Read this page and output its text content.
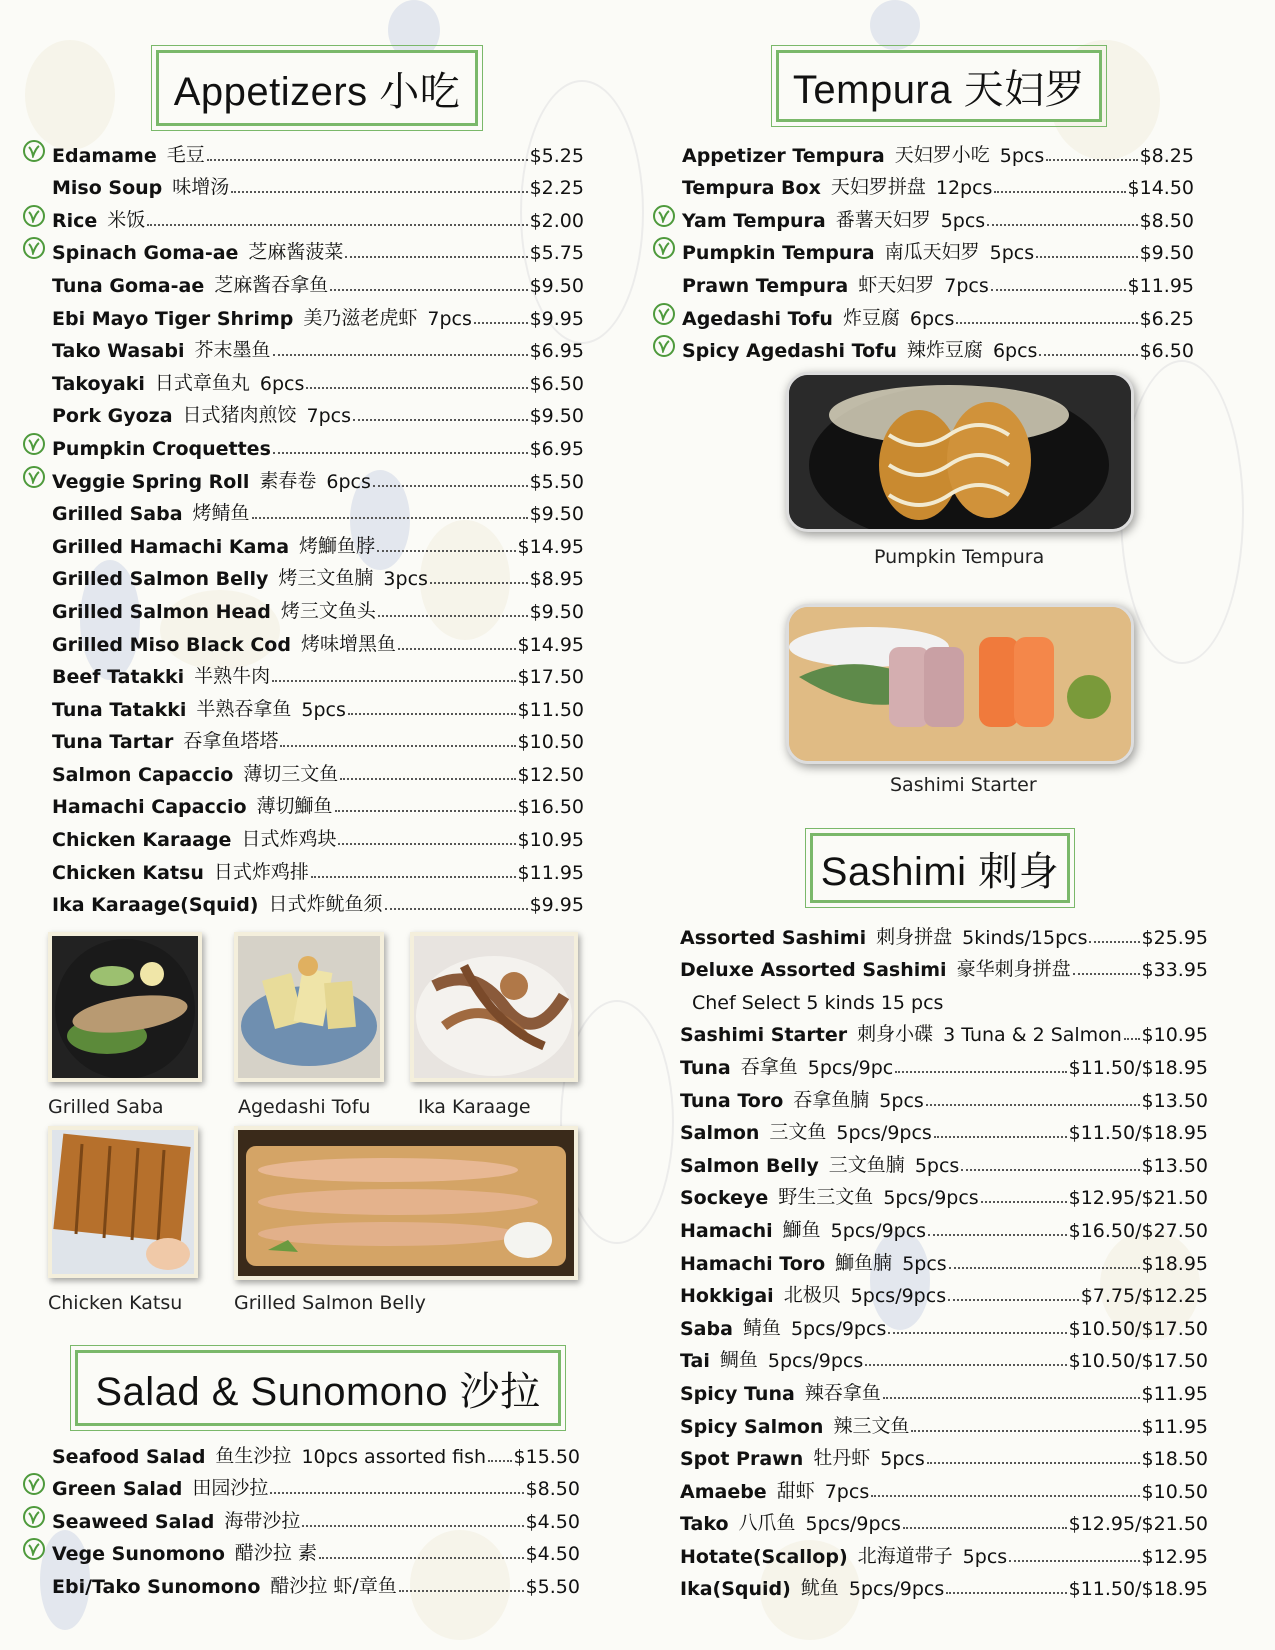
Appetizers 小吃
Edamame 毛豆	$5.25
Miso Soup 味增汤	$2.25
Rice 米饭	$2.00
Spinach Goma-ae 芝麻酱菠菜	$5.75
Tuna Goma-ae 芝麻酱吞拿鱼	$9.50
Ebi Mayo Tiger Shrimp 美乃滋老虎虾 7pcs	$9.95
Tako Wasabi 芥末墨鱼	$6.95
Takoyaki 日式章鱼丸 6pcs	$6.50
Pork Gyoza 日式猪肉煎饺 7pcs	$9.50
Pumpkin Croquettes	$6.95
Veggie Spring Roll 素春卷 6pcs	$5.50
Grilled Saba 烤鲭鱼	$9.50
Grilled Hamachi Kama 烤鰤鱼脖	$14.95
Grilled Salmon Belly 烤三文鱼腩 3pcs	$8.95
Grilled Salmon Head 烤三文鱼头	$9.50
Grilled Miso Black Cod 烤味增黑鱼	$14.95
Beef Tatakki 半熟牛肉	$17.50
Tuna Tatakki 半熟吞拿鱼 5pcs	$11.50
Tuna Tartar 吞拿鱼塔塔	$10.50
Salmon Capaccio 薄切三文鱼	$12.50
Hamachi Capaccio 薄切鰤鱼	$16.50
Chicken Karaage 日式炸鸡块	$10.95
Chicken Katsu 日式炸鸡排	$11.95
Ika Karaage(Squid) 日式炸鱿鱼须	$9.95
Grilled Saba	Agedashi Tofu	Ika Karaage
Chicken Katsu	Grilled Salmon Belly
Salad & Sunomono 沙拉
Seafood Salad 鱼生沙拉 10pcs assorted fish $15.50
Green Salad 田园沙拉	$8.50
Seaweed Salad 海带沙拉	$4.50
Vege Sunomono 醋沙拉 素	$4.50
Ebi/Tako Sunomono 醋沙拉 虾/章鱼	$5.50
Tempura 天妇罗
Appetizer Tempura 天妇罗小吃 5pcs	$8.25
Tempura Box 天妇罗拼盘 12pcs	$14.50
Yam Tempura 番薯天妇罗 5pcs	$8.50
Pumpkin Tempura 南瓜天妇罗 5pcs	$9.50
Prawn Tempura 虾天妇罗 7pcs	$11.95
Agedashi Tofu 炸豆腐 6pcs	$6.25
Spicy Agedashi Tofu 辣炸豆腐 6pcs	$6.50
Pumpkin Tempura
Sashimi Starter
Sashimi 刺身
Assorted Sashimi 刺身拼盘 5kinds/15pcs	$25.95
Deluxe Assorted Sashimi 豪华刺身拼盘	$33.95
Chef Select 5 kinds 15 pcs
Sashimi Starter 刺身小碟 3 Tuna & 2 Salmon $10.95
Tuna 吞拿鱼 5pcs/9pc	$11.50/$18.95
Tuna Toro 吞拿鱼腩 5pcs	$13.50
Salmon 三文鱼 5pcs/9pcs	$11.50/$18.95
Salmon Belly 三文鱼腩 5pcs	$13.50
Sockeye 野生三文鱼 5pcs/9pcs	$12.95/$21.50
Hamachi 鰤鱼 5pcs/9pcs	$16.50/$27.50
Hamachi Toro 鰤鱼腩 5pcs	$18.95
Hokkigai 北极贝 5pcs/9pcs	$7.75/$12.25
Saba 鲭鱼 5pcs/9pcs	$10.50/$17.50
Tai 鲷鱼 5pcs/9pcs	$10.50/$17.50
Spicy Tuna 辣吞拿鱼	$11.95
Spicy Salmon 辣三文鱼	$11.95
Spot Prawn 牡丹虾 5pcs	$18.50
Amaebe 甜虾 7pcs	$10.50
Tako 八爪鱼 5pcs/9pcs	$12.95/$21.50
Hotate(Scallop) 北海道带子 5pcs	$12.95
Ika(Squid) 鱿鱼 5pcs/9pcs	$11.50/$18.95
